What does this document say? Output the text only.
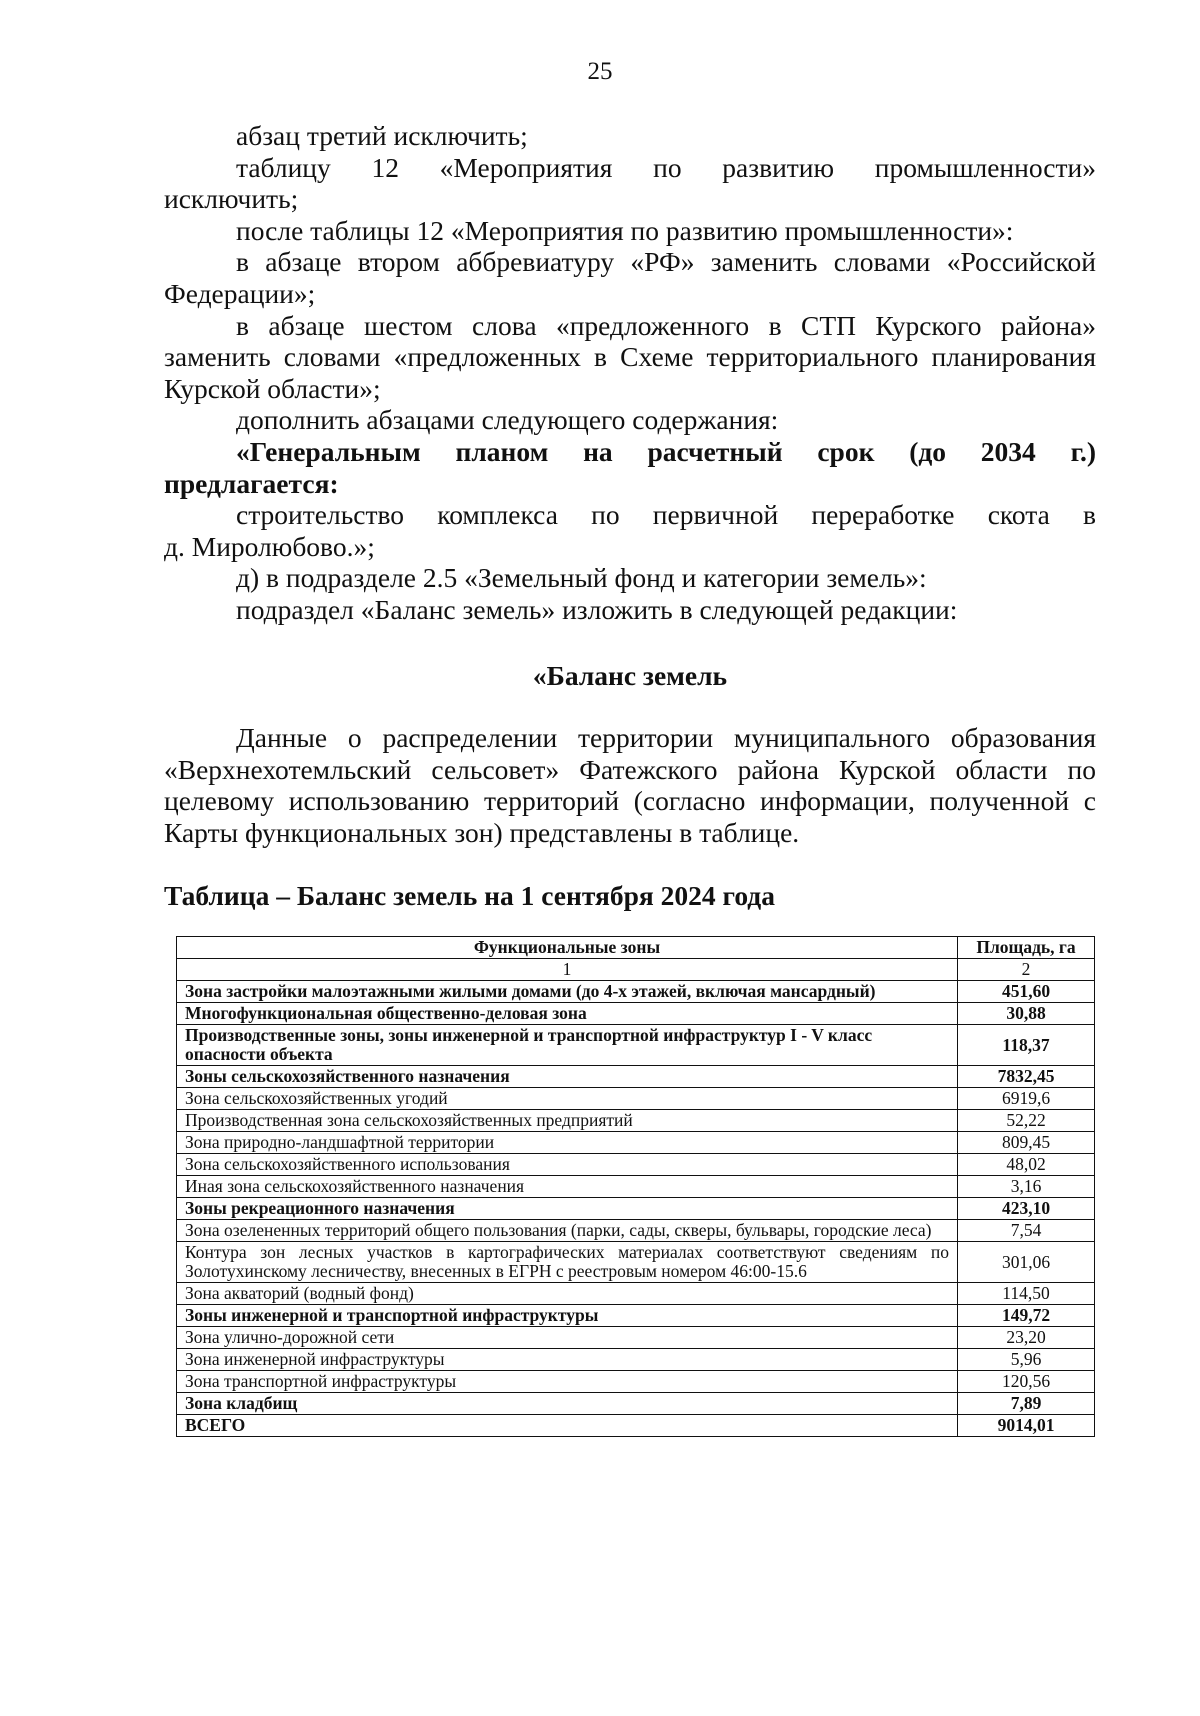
25

абзац третий исключить;

таблицу 12 «Мероприятия по развитию промышленности»

исключить;

после таблицы 12 «Мероприятия по развитию промышленности»:

в абзаце втором аббревиатуру «РФ» заменить словами «Российской

Федерации»;

в абзаце шестом слова «предложенного в СТП Курского района»

заменить словами «предложенных в Схеме территориального планирования

Курской области»;

дополнить абзацами следующего содержания:

«Генеральным планом на расчетный срок (до 2034 г.)

предлагается:

строительство комплекса по первичной переработке скота в

д. Миролюбово.»;

д) в подразделе 2.5 «Земельный фонд и категории земель»:

подраздел «Баланс земель» изложить в следующей редакции:

«Баланс земель

Данные о распределении территории муниципального образования «Верхнехотемльский сельсовет» Фатежского района Курской области по целевому использованию территорий (согласно информации, полученной с Карты функциональных зон) представлены в таблице.

Таблица – Баланс земель на 1 сентября 2024 года
Функциональные зоны	Площадь, га
1	2
Зона застройки малоэтажными жилыми домами (до 4-х этажей, включая мансардный)	451,60
Многофункциональная общественно-деловая зона	30,88
Производственные зоны, зоны инженерной и транспортной инфраструктур I - V класс опасности объекта	118,37
Зоны сельскохозяйственного назначения	7832,45
Зона сельскохозяйственных угодий	6919,6
Производственная зона сельскохозяйственных предприятий	52,22
Зона природно-ландшафтной территории	809,45
Зона сельскохозяйственного использования	48,02
Иная зона сельскохозяйственного назначения	3,16
Зоны рекреационного назначения	423,10
Зона озелененных территорий общего пользования (парки, сады, скверы, бульвары, городские леса)	7,54
Контура зон лесных участков в картографических материалах соответствуют сведениям по Золотухинскому лесничеству, внесенных в ЕГРН с реестровым номером 46:00-15.6	301,06
Зона акваторий (водный фонд)	114,50
Зоны инженерной и транспортной инфраструктуры	149,72
Зона улично-дорожной сети	23,20
Зона инженерной инфраструктуры	5,96
Зона транспортной инфраструктуры	120,56
Зона кладбищ	7,89
ВСЕГО	9014,01
